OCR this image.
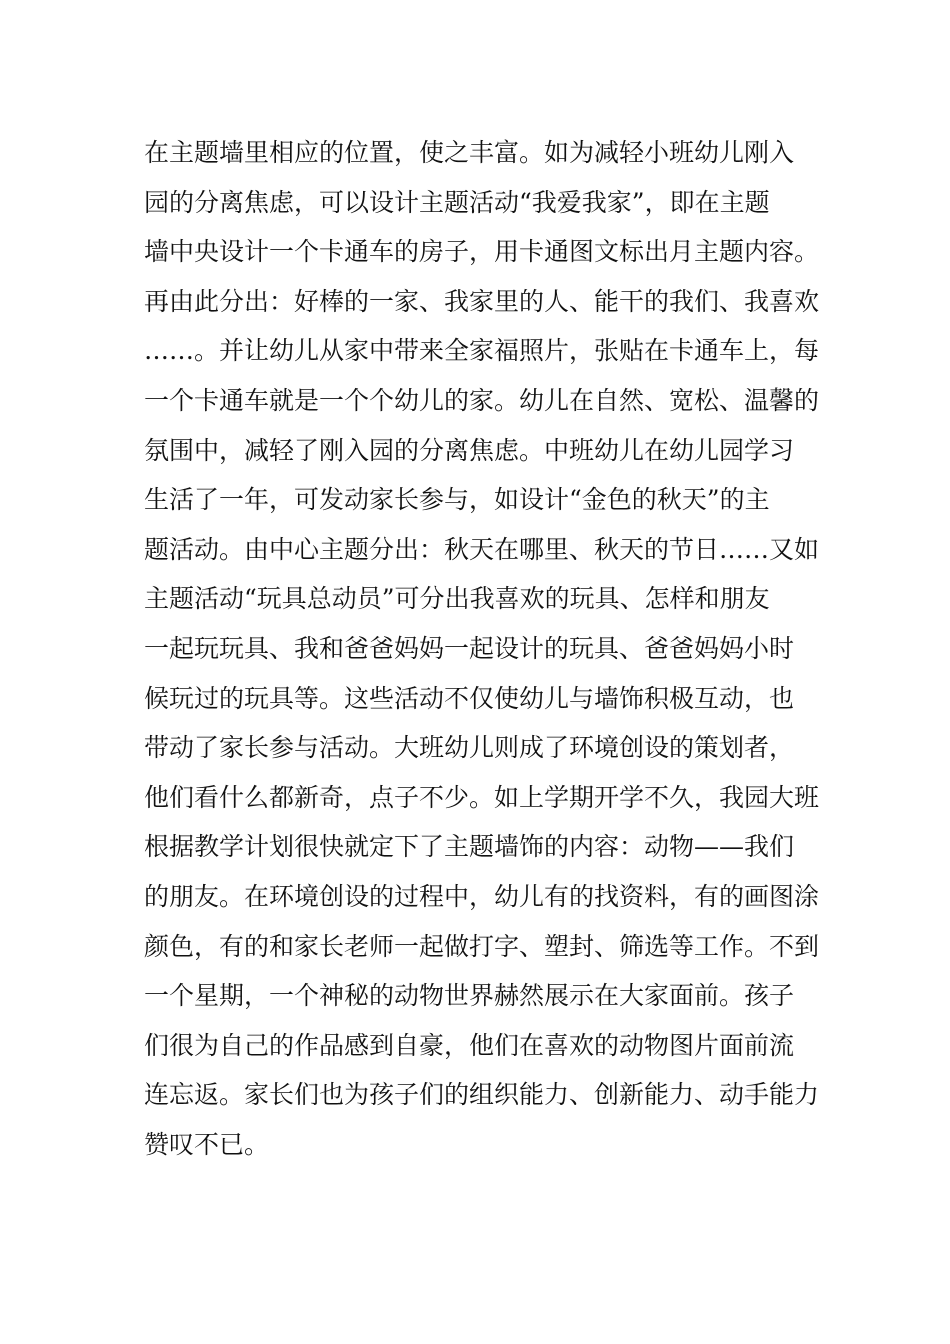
在主题墙里相应的位置，使之丰富。如为减轻小班幼儿刚入
园的分离焦虑，可以设计主题活动“我爱我家”，即在主题
墙中央设计一个卡通车的房子，用卡通图文标出月主题内容。
再由此分出：好棒的一家、我家里的人、能干的我们、我喜欢
……。并让幼儿从家中带来全家福照片，张贴在卡通车上，每
一个卡通车就是一个个幼儿的家。幼儿在自然、宽松、温馨的
氛围中，减轻了刚入园的分离焦虑。中班幼儿在幼儿园学习
生活了一年，可发动家长参与，如设计“金色的秋天”的主
题活动。由中心主题分出：秋天在哪里、秋天的节日……又如
主题活动“玩具总动员”可分出我喜欢的玩具、怎样和朋友
一起玩玩具、我和爸爸妈妈一起设计的玩具、爸爸妈妈小时
候玩过的玩具等。这些活动不仅使幼儿与墙饰积极互动，也
带动了家长参与活动。大班幼儿则成了环境创设的策划者，
他们看什么都新奇，点子不少。如上学期开学不久，我园大班
根据教学计划很快就定下了主题墙饰的内容：动物——我们
的朋友。在环境创设的过程中，幼儿有的找资料，有的画图涂
颜色，有的和家长老师一起做打字、塑封、筛选等工作。不到
一个星期，一个神秘的动物世界赫然展示在大家面前。孩子
们很为自己的作品感到自豪，他们在喜欢的动物图片面前流
连忘返。家长们也为孩子们的组织能力、创新能力、动手能力
赞叹不已。
